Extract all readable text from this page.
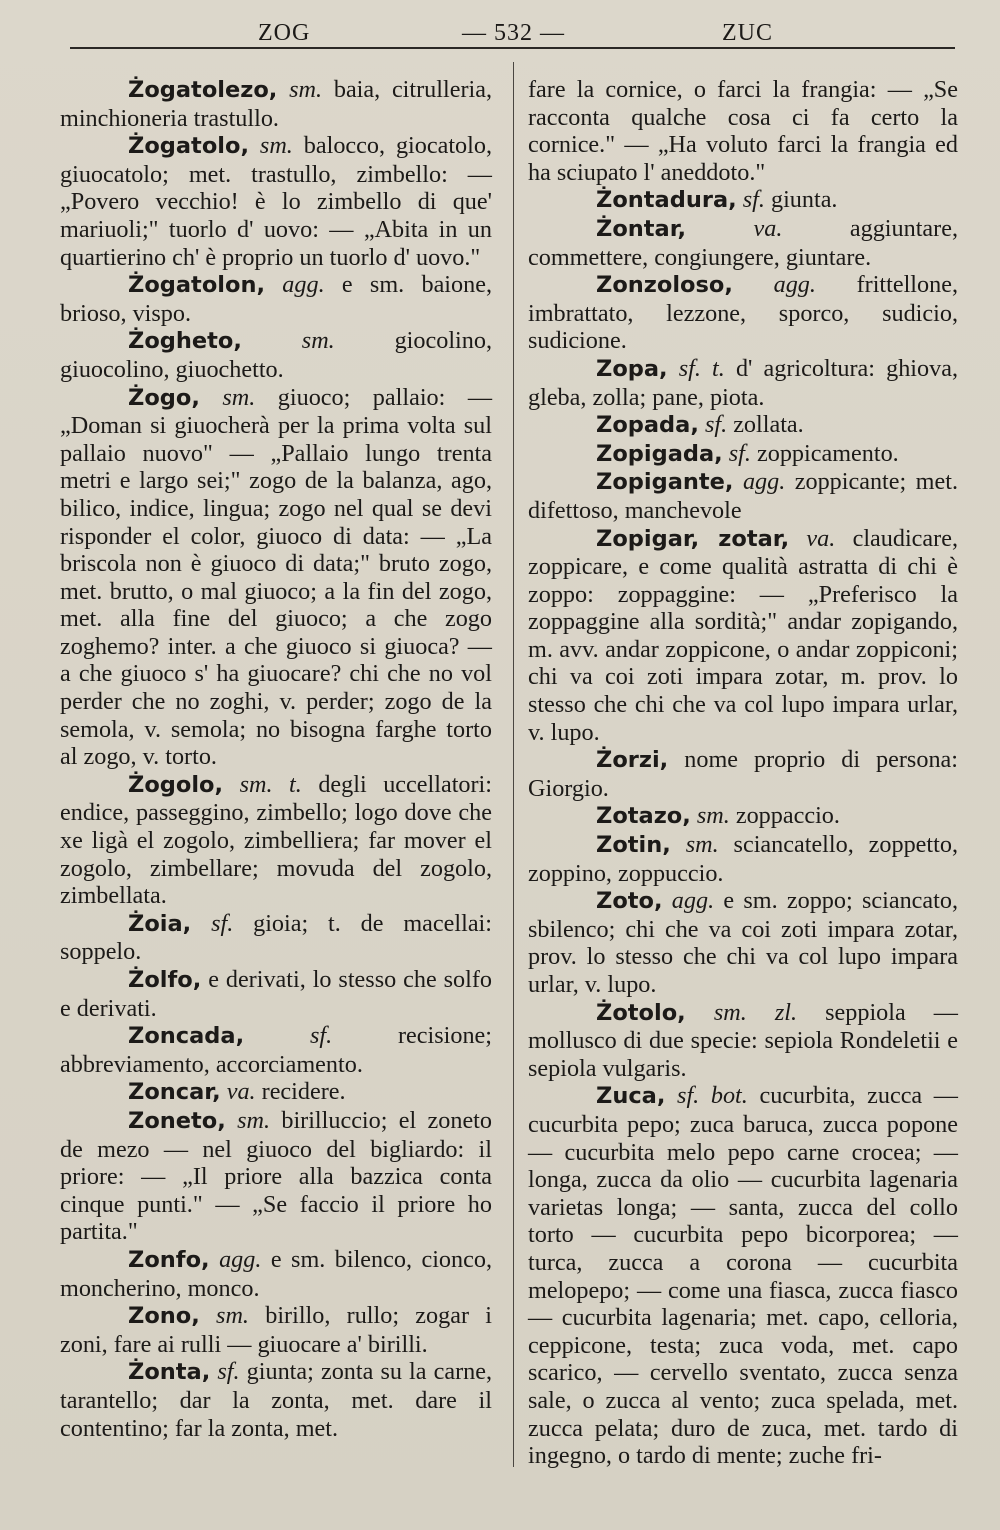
ZOG	— 532 —	ZUC

Żogatolezo, sm. baia, citrulleria, minchioneria trastullo.

Żogatolo, sm. balocco, giocatolo, giuocatolo; met. trastullo, zimbello: — „Povero vecchio! è lo zimbello di que' mariuoli;" tuorlo d' uovo: — „Abita in un quartierino ch' è proprio un tuorlo d' uovo."

Żogatolon, agg. e sm. baione, brioso, vispo.

Żogheto, sm. giocolino, giuocolino, giuochetto.

Żogo, sm. giuoco; pallaio: — „Doman si giuocherà per la prima volta sul pallaio nuovo" — „Pallaio lungo trenta metri e largo sei;" zogo de la balanza, ago, bilico, indice, lingua; zogo nel qual se devi risponder el color, giuoco di data: — „La briscola non è giuoco di data;" bruto zogo, met. brutto, o mal giuoco; a la fin del zogo, met. alla fine del giuoco; a che zogo zoghemo? inter. a che giuoco si giuoca? — a che giuoco s' ha giuocare? chi che no vol perder che no zoghi, v. perder; zogo de la semola, v. semola; no bisogna farghe torto al zogo, v. torto.

Żogolo, sm. t. degli uccellatori: endice, passeggino, zimbello; logo dove che xe ligà el zogolo, zimbelliera; far mover el zogolo, zimbellare; movuda del zogolo, zimbellata.

Żoia, sf. gioia; t. de macellai: soppelo.

Żolfo, e derivati, lo stesso che solfo e derivati.

Zoncada,	sf. recisione; abbreviamento, accorciamento.

Zoncar, va. recidere.

Zoneto, sm. birilluccio; el zoneto de mezo — nel giuoco del bigliardo: il priore: — „Il priore alla bazzica conta cinque punti." — „Se faccio il priore ho partita."

Zonfo, agg. e sm. bilenco, cionco, moncherino, monco.

Zono, sm. birillo, rullo; zogar i zoni, fare ai rulli — giuocare a' birilli.

Żonta, sf. giunta; zonta su la carne, tarantello; dar la zonta, met. dare il contentino; far la zonta, met.

fare la cornice, o farci la frangia: — „Se racconta qualche cosa ci fa certo la cornice." — „Ha voluto farci la frangia ed ha sciupato l' aneddoto."

Żontadura, sf. giunta.

Żontar,	va. aggiuntare, commettere, congiungere, giuntare.

Zonzoloso, agg. frittellone, imbrattato, lezzone, sporco, sudicio, sudicione.

Zopa, sf. t. d' agricoltura: ghiova, gleba, zolla; pane, piota.

Zopada, sf. zollata.

Zopigada, sf. zoppicamento.

Zopigante, agg. zoppicante; met. difettoso, manchevole

Zopigar, zotar, va. claudicare, zoppicare, e come qualità astratta di chi è zoppo: zoppaggine: — „Preferisco la zoppaggine alla sordità;" andar zopigando, m. avv. andar zoppicone, o andar zoppiconi; chi va coi zoti impara zotar, m. prov. lo stesso che chi che va col lupo impara urlar, v. lupo.

Żorzi, nome proprio di persona: Giorgio.

Zotazo, sm. zoppaccio.

Zotin, sm. sciancatello, zoppetto, zoppino, zoppuccio.

Zoto, agg. e sm. zoppo; sciancato, sbilenco; chi che va coi zoti impara zotar, prov. lo stesso che chi va col lupo impara urlar, v. lupo.

Żotolo, sm. zl. seppiola — mollusco di due specie: sepiola Rondeletii e sepiola vulgaris.

Zuca, sf. bot. cucurbita, zucca — cucurbita pepo; zuca baruca, zucca popone — cucurbita melo pepo carne crocea; — longa, zucca da olio — cucurbita lagenaria varietas longa; — santa, zucca del collo torto — cucurbita pepo bicorporea; — turca, zucca a corona — cucurbita melopepo; — come una fiasca, zucca fiasco — cucurbita lagenaria; met. capo, celloria, ceppicone, testa; zuca voda, met. capo scarico, — cervello sventato, zucca senza sale, o zucca al vento; zuca spelada, met. zucca pelata; duro de zuca, met. tardo di ingegno, o tardo di mente; zuche fri-
